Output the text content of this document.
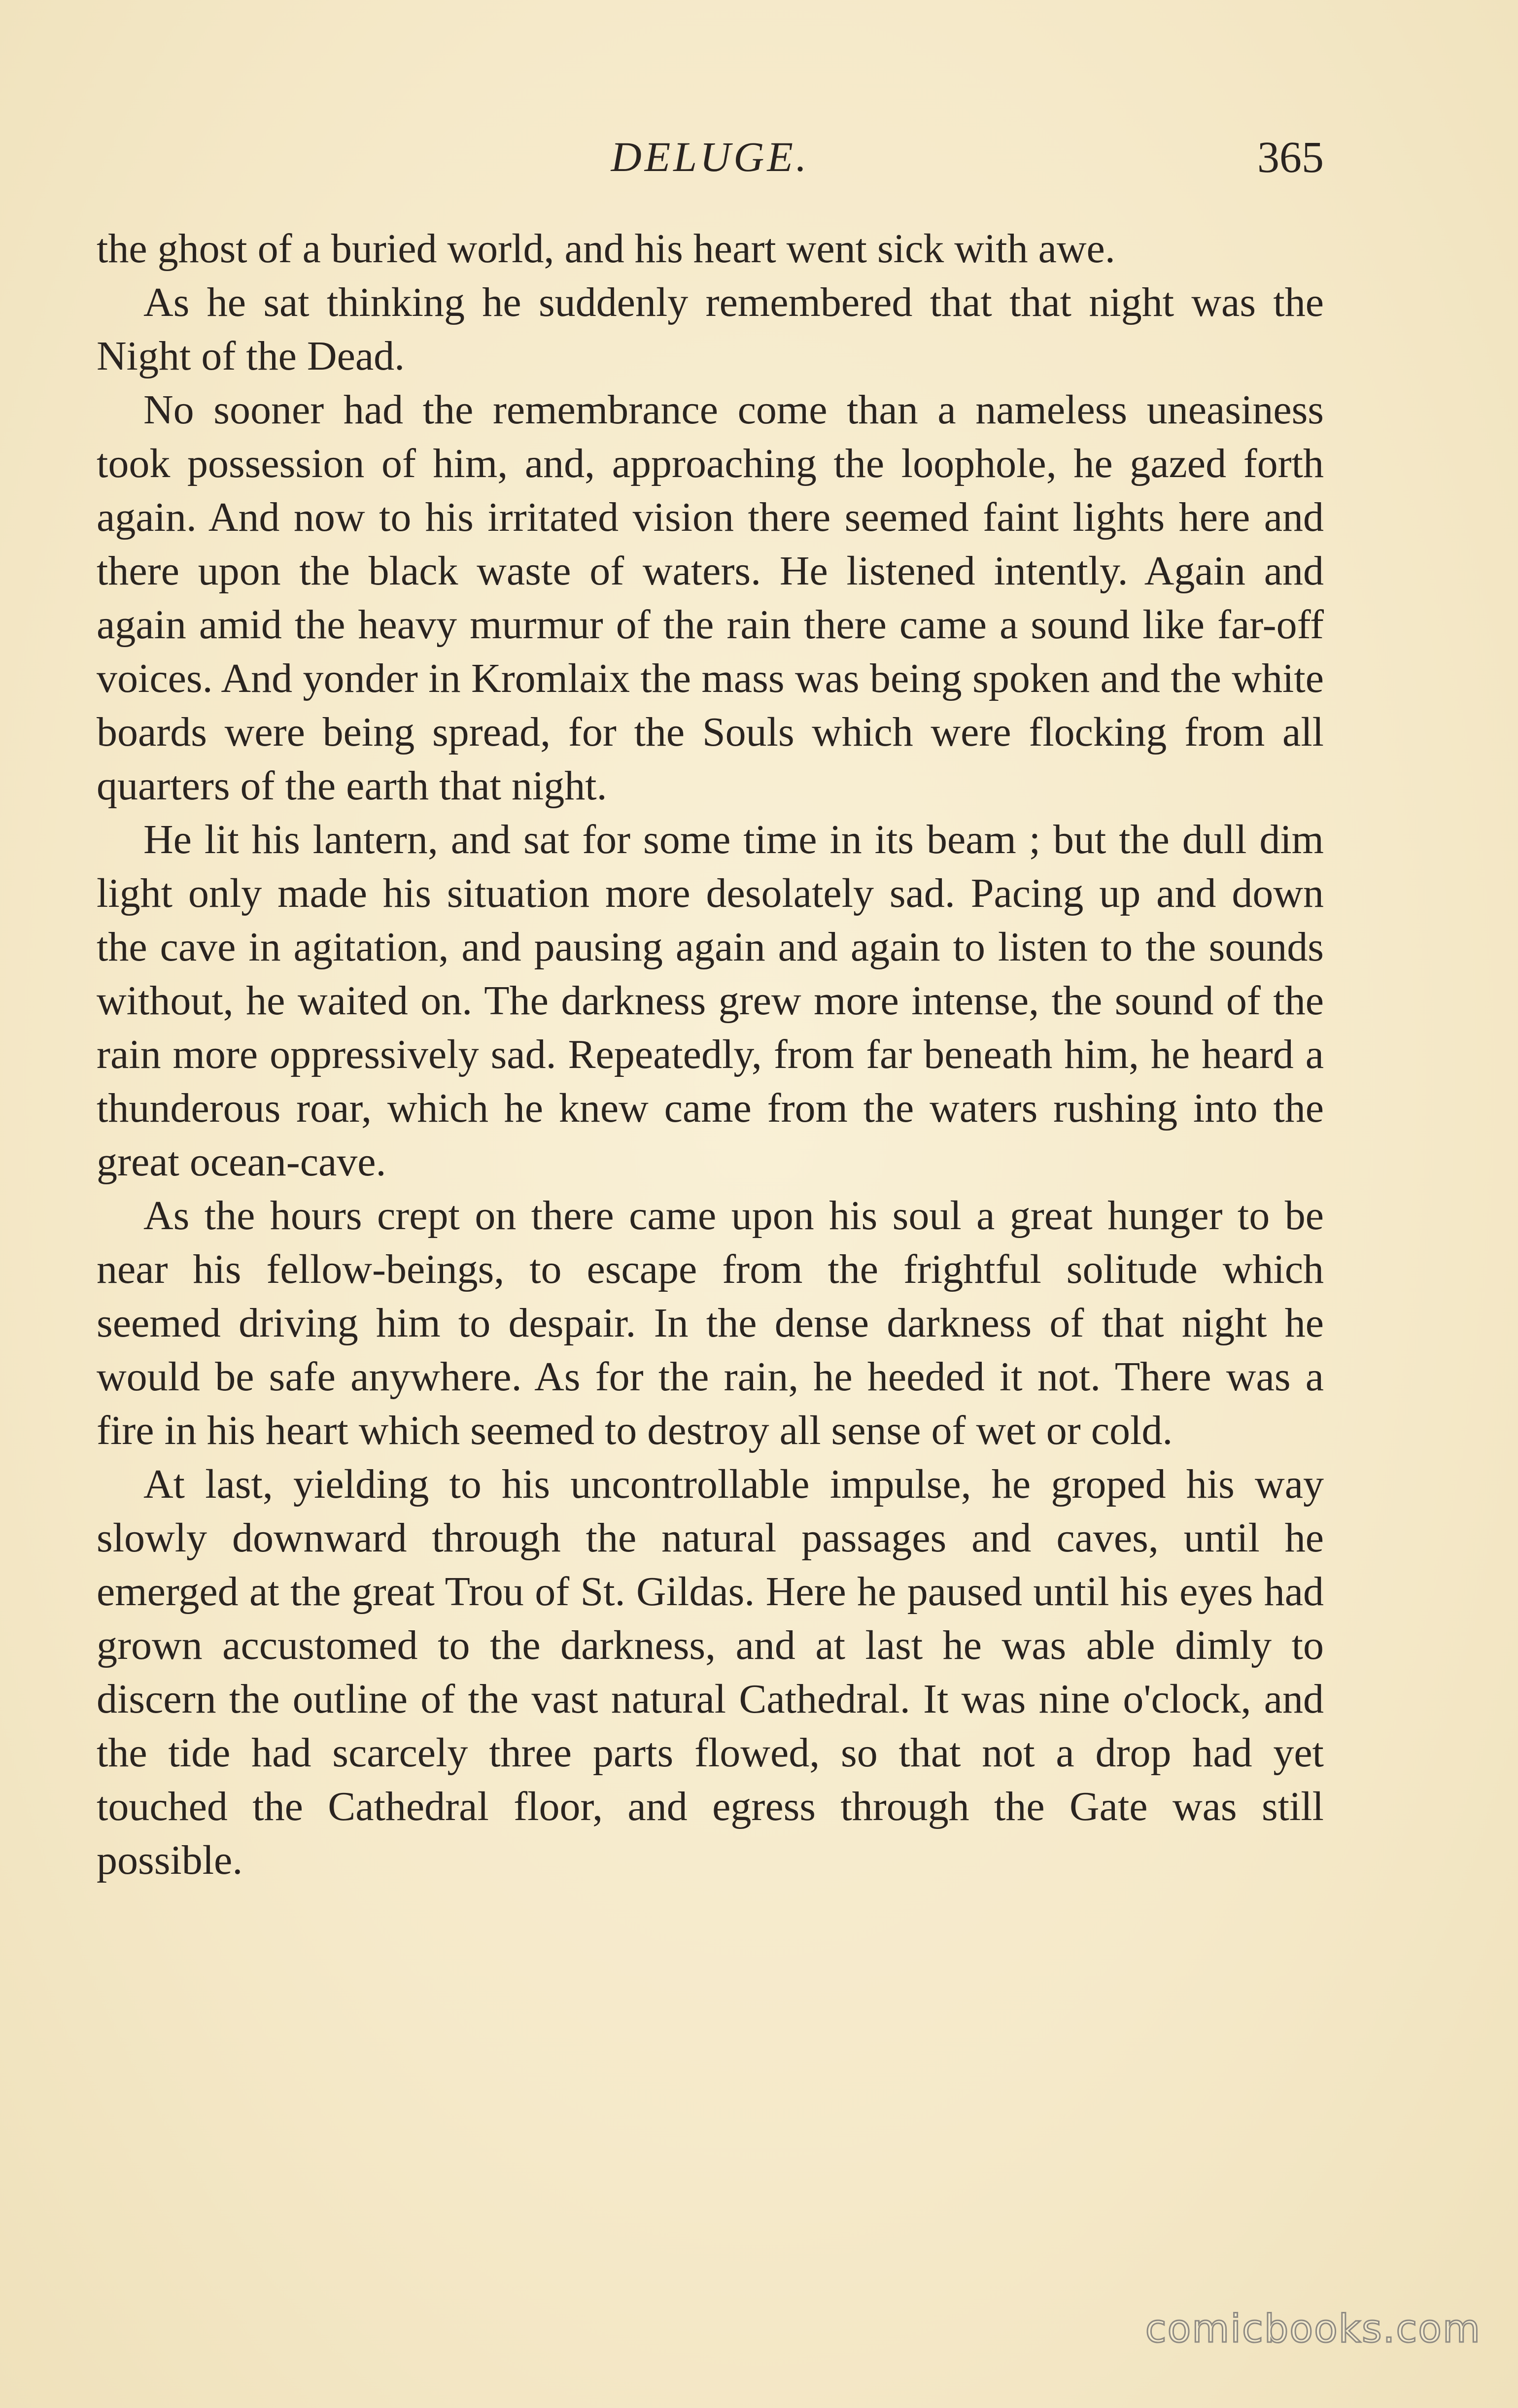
DELUGE.	365

the ghost of a buried world, and his heart went sick with awe.

As he sat thinking he suddenly remembered that that night was the Night of the Dead.

No sooner had the remembrance come than a nameless uneasiness took possession of him, and, approaching the loophole, he gazed forth again. And now to his irritated vision there seemed faint lights here and there upon the black waste of waters. He listened intently. Again and again amid the heavy murmur of the rain there came a sound like far-off voices. And yonder in Kromlaix the mass was being spoken and the white boards were being spread, for the Souls which were flocking from all quarters of the earth that night.

He lit his lantern, and sat for some time in its beam ; but the dull dim light only made his situation more desolately sad. Pacing up and down the cave in agitation, and pausing again and again to listen to the sounds without, he waited on. The darkness grew more intense, the sound of the rain more oppressively sad. Repeatedly, from far beneath him, he heard a thunderous roar, which he knew came from the waters rushing into the great ocean-cave.

As the hours crept on there came upon his soul a great hunger to be near his fellow-beings, to escape from the frightful solitude which seemed driving him to despair. In the dense darkness of that night he would be safe anywhere. As for the rain, he heeded it not. There was a fire in his heart which seemed to destroy all sense of wet or cold.

At last, yielding to his uncontrollable impulse, he groped his way slowly downward through the natural passages and caves, until he emerged at the great Trou of St. Gildas. Here he paused until his eyes had grown accustomed to the darkness, and at last he was able dimly to discern the outline of the vast natural Cathedral. It was nine o'clock, and the tide had scarcely three parts flowed, so that not a drop had yet touched the Cathedral floor, and egress through the Gate was still possible.

comicbooks.com
